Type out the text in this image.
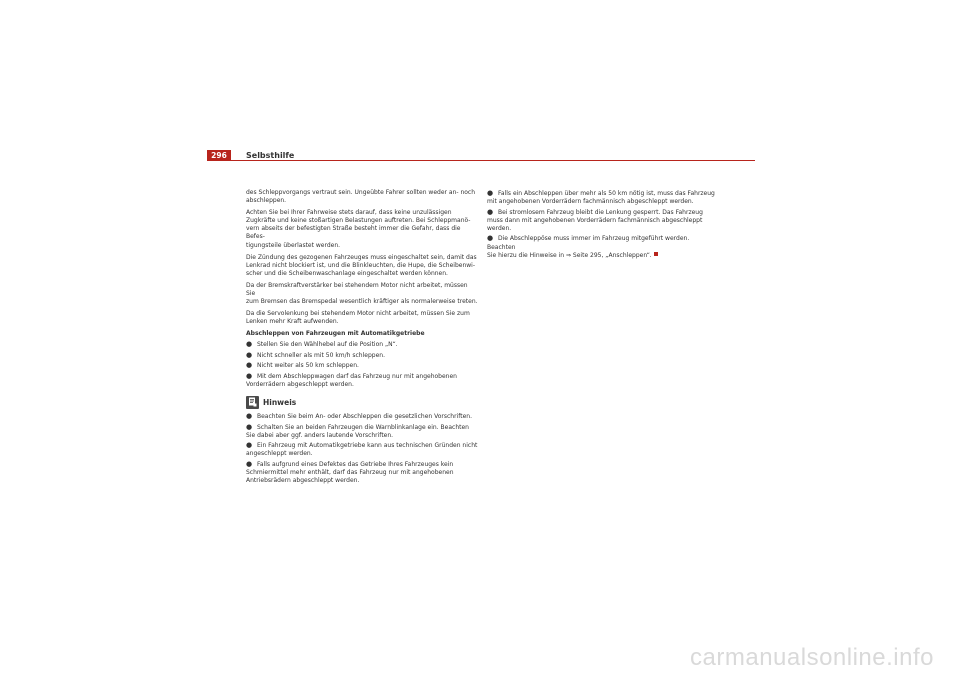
296	Selbsthilfe

des Schleppvorgangs vertraut sein. Ungeübte Fahrer sollten weder an- noch
abschleppen.

Achten Sie bei Ihrer Fahrweise stets darauf, dass keine unzulässigen
Zugkräfte und keine stoßartigen Belastungen auftreten. Bei Schleppmanö-
vern abseits der befestigten Straße besteht immer die Gefahr, dass die Befes-
tigungsteile überlastet werden.

Die Zündung des gezogenen Fahrzeuges muss eingeschaltet sein, damit das
Lenkrad nicht blockiert ist, und die Blinkleuchten, die Hupe, die Scheibenwi-
scher und die Scheibenwaschanlage eingeschaltet werden können.

Da der Bremskraftverstärker bei stehendem Motor nicht arbeitet, müssen Sie
zum Bremsen das Bremspedal wesentlich kräftiger als normalerweise treten.

Da die Servolenkung bei stehendem Motor nicht arbeitet, müssen Sie zum
Lenken mehr Kraft aufwenden.

Abschleppen von Fahrzeugen mit Automatikgetriebe

● Stellen Sie den Wählhebel auf die Position „N“.

● Nicht schneller als mit 50 km/h schleppen.

● Nicht weiter als 50 km schleppen.

● Mit dem Abschleppwagen darf das Fahrzeug nur mit angehobenen
Vorderrädern abgeschleppt werden.

Hinweis

● Beachten Sie beim An- oder Abschleppen die gesetzlichen Vorschriften.

● Schalten Sie an beiden Fahrzeugen die Warnblinkanlage ein. Beachten
Sie dabei aber ggf. anders lautende Vorschriften.

● Ein Fahrzeug mit Automatikgetriebe kann aus technischen Gründen nicht
angeschleppt werden.

● Falls aufgrund eines Defektes das Getriebe Ihres Fahrzeuges kein
Schmiermittel mehr enthält, darf das Fahrzeug nur mit angehobenen
Antriebsrädern abgeschleppt werden.

● Falls ein Abschleppen über mehr als 50 km nötig ist, muss das Fahrzeug
mit angehobenen Vorderrädern fachmännisch abgeschleppt werden.

● Bei stromlosem Fahrzeug bleibt die Lenkung gesperrt. Das Fahrzeug
muss dann mit angehobenen Vorderrädern fachmännisch abgeschleppt
werden.

● Die Abschleppöse muss immer im Fahrzeug mitgeführt werden. Beachten
Sie hierzu die Hinweise in ⇒ Seite 295, „Anschleppen“.

carmanualsonline.info
